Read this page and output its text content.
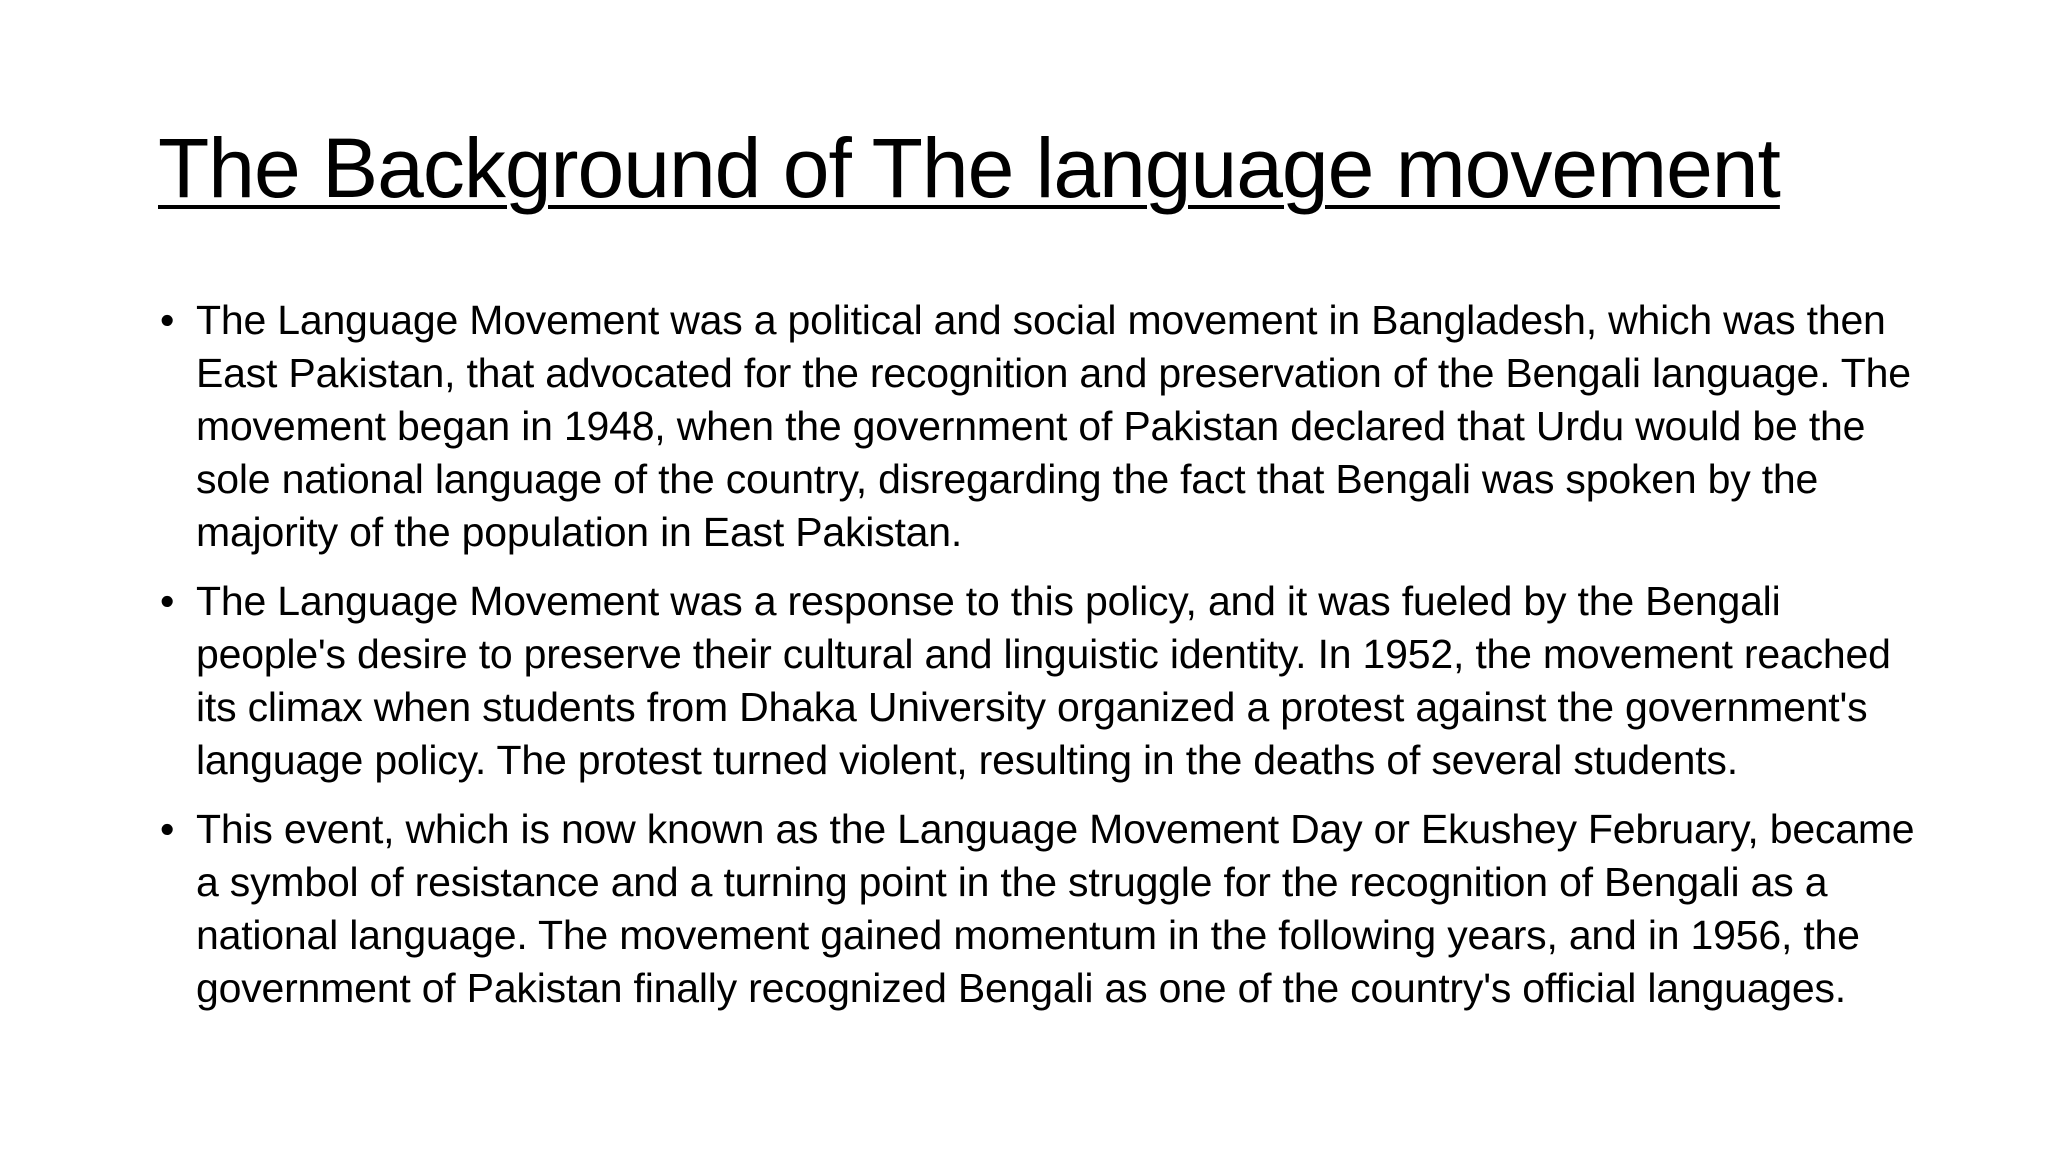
The Background of The language movement
• The Language Movement was a political and social movement in Bangladesh, which was then East Pakistan, that advocated for the recognition and preservation of the Bengali language. The movement began in 1948, when the government of Pakistan declared that Urdu would be the sole national language of the country, disregarding the fact that Bengali was spoken by the majority of the population in East Pakistan.
• The Language Movement was a response to this policy, and it was fueled by the Bengali people's desire to preserve their cultural and linguistic identity. In 1952, the movement reached its climax when students from Dhaka University organized a protest against the government's language policy. The protest turned violent, resulting in the deaths of several students.
• This event, which is now known as the Language Movement Day or Ekushey February, became a symbol of resistance and a turning point in the struggle for the recognition of Bengali as a national language. The movement gained momentum in the following years, and in 1956, the government of Pakistan finally recognized Bengali as one of the country's official languages.
